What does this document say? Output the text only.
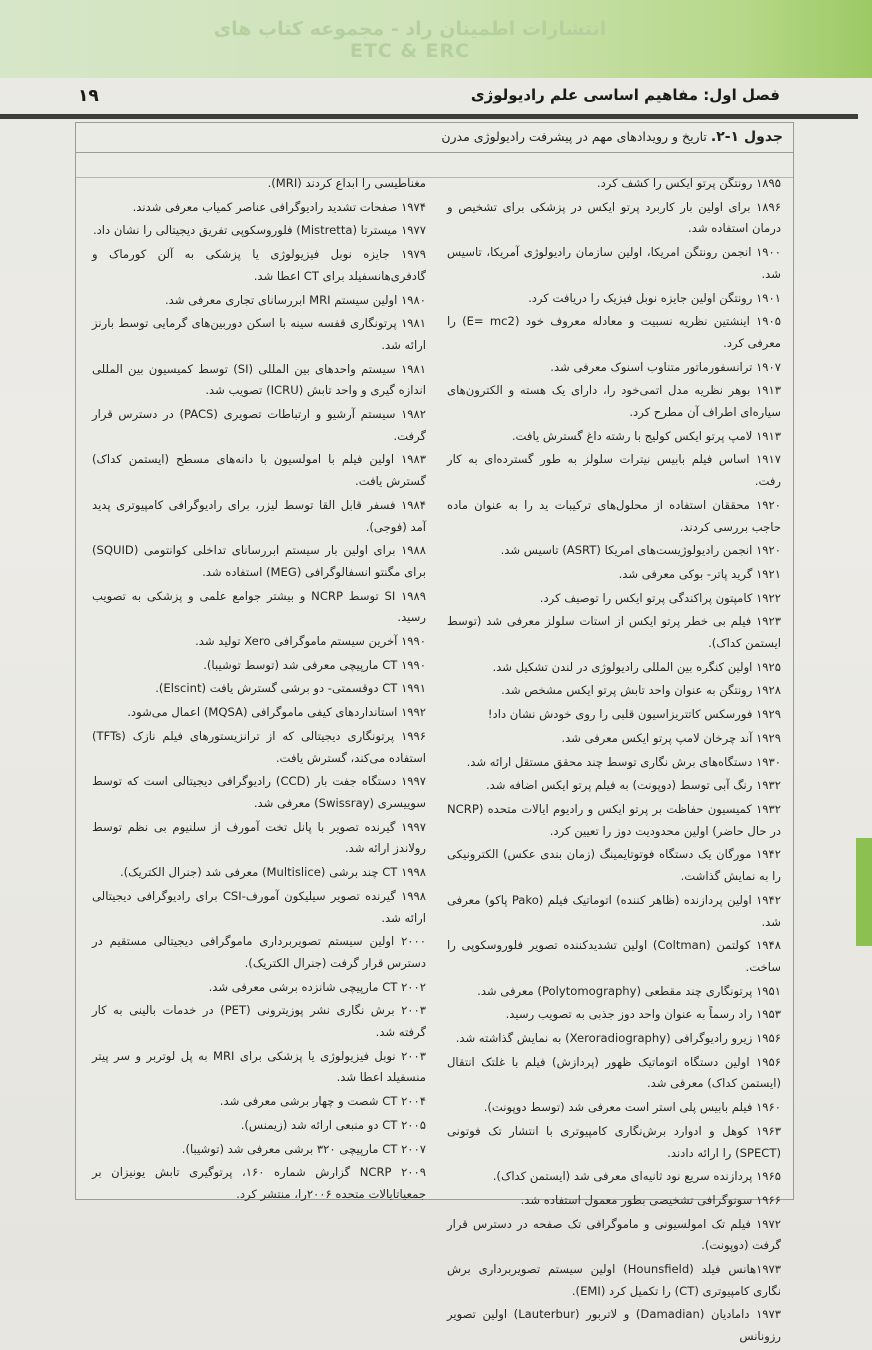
انتشارات اطمینان راد - مجموعه کتاب های ETC & ERC
۱۹	فصل اول: مفاهیم اساسی علم رادیولوژی
جدول ۱-۲. تاریخ و رویدادهای مهم در پیشرفت رادیولوژی مدرن
۱۸۹۵ رونتگن پرتو ایکس را کشف کرد.
۱۸۹۶ برای اولین بار کاربرد پرتو ایکس در پزشکی برای تشخیص و درمان استفاده شد.
۱۹۰۰ انجمن رونتگن امریکا، اولین سازمان رادیولوژی آمریکا، تاسیس شد.
۱۹۰۱ رونتگن اولین جایزه نوبل فیزیک را دریافت کرد.
۱۹۰۵ اینشتین نظریه نسبیت و معادله معروف خود (E= mc2) را معرفی کرد.
۱۹۰۷ ترانسفورماتور متناوب اسنوک معرفی شد.
۱۹۱۳ بوهر نظریه مدل اتمی‌خود را، دارای یک هسته و الکترون‌های سیاره‌ای اطراف آن مطرح کرد.
۱۹۱۳ لامپ پرتو ایکس کولیج با رشته داغ گسترش یافت.
۱۹۱۷ اساس فیلم بابیس نیترات سلولز به طور گسترده‌ای به کار رفت.
۱۹۲۰ محققان استفاده از محلول‌های ترکیبات ید را به عنوان ماده حاجب بررسی کردند.
۱۹۲۰ انجمن رادیولوژیست‌های امریکا (ASRT) تاسیس شد.
۱۹۲۱ گرید پاتر- بوکی معرفی شد.
۱۹۲۲ کامپتون پراکندگی پرتو ایکس را توصیف کرد.
۱۹۲۳ فیلم بی خطر پرتو ایکس از استات سلولز معرفی شد (توسط ایستمن کداک).
۱۹۲۵ اولین کنگره بین المللی رادیولوژی در لندن تشکیل شد.
۱۹۲۸ رونتگن به عنوان واحد تابش پرتو ایکس مشخص شد.
۱۹۲۹ فورسکس کاتتریزاسیون قلبی را روی خودش نشان داد!
۱۹۲۹ آند چرخان لامپ پرتو ایکس معرفی شد.
۱۹۳۰ دستگاه‌های برش نگاری توسط چند محقق مستقل ارائه شد.
۱۹۳۲ رنگ آبی توسط (دوپونت) به فیلم پرتو ایکس اضافه شد.
۱۹۳۲ کمیسیون حفاظت بر پرتو ایکس و رادیوم ایالات متحده (NCRP در حال حاضر) اولین محدودیت دوز را تعیین کرد.
۱۹۴۲ مورگان یک دستگاه فوتوتایمینگ (زمان بندی عکس) الکترونیکی را به نمایش گذاشت.
۱۹۴۲ اولین پردازنده (ظاهر کننده) اتوماتیک فیلم (Pako پاکو) معرفی شد.
۱۹۴۸ کولتمن (Coltman) اولین تشدیدکننده تصویر فلوروسکوپی را ساخت.
۱۹۵۱ پرتونگاری چند مقطعی (Polytomography) معرفی شد.
۱۹۵۳ راد رسماً به عنوان واحد دوز جذبی به تصویب رسید.
۱۹۵۶ زیرو رادیوگرافی (Xeroradiography) به نمایش گذاشته شد.
۱۹۵۶ اولین دستگاه اتوماتیک ظهور (پردازش) فیلم با غلتک انتقال (ایستمن کداک) معرفی شد.
۱۹۶۰ فیلم بابیس پلی استر است معرفی شد (توسط دوپونت).
۱۹۶۳ کوهل و ادوارد برش‌نگاری کامپیوتری با انتشار تک فوتونی (SPECT) را ارائه دادند.
۱۹۶۵ پردازنده سریع نود ثانیه‌ای معرفی شد (ایستمن کداک).
۱۹۶۶ سونوگرافی تشخیصی بطور معمول استفاده شد.
۱۹۷۲ فیلم تک امولسیونی و ماموگرافی تک صفحه در دسترس قرار گرفت (دوپونت).
۱۹۷۳هانس فیلد (Hounsfield) اولین سیستم تصویربرداری برش نگاری کامپیوتری (CT) را تکمیل کرد (EMI).
۱۹۷۳ دامادیان (Damadian) و لاتربور (Lauterbur) اولین تصویر رزونانس
مغناطیسی را ابداع کردند (MRI).
۱۹۷۴ صفحات تشدید رادیوگرافی عناصر کمیاب معرفی شدند.
۱۹۷۷ میسترتا (Mistretta) فلوروسکوپی تفریق دیجیتالی را نشان داد.
۱۹۷۹ جایزه نوبل فیزیولوژی یا پزشکی به آلن کورماک و گادفری‌هانسفیلد برای CT اعطا شد.
۱۹۸۰ اولین سیستم MRI ابررسانای تجاری معرفی شد.
۱۹۸۱ پرتونگاری قفسه سینه با اسکن دوربین‌های گرمایی توسط بارنز ارائه شد.
۱۹۸۱ سیستم واحدهای بین المللی (SI) توسط کمیسیون بین المللی اندازه گیری و واحد تابش (ICRU) تصویب شد.
۱۹۸۲ سیستم آرشیو و ارتباطات تصویری (PACS) در دسترس قرار گرفت.
۱۹۸۳ اولین فیلم با امولسیون با دانه‌های مسطح (ایستمن کداک) گسترش یافت.
۱۹۸۴ فسفر قابل القا توسط لیزر، برای رادیوگرافی کامپیوتری پدید آمد (فوجی).
۱۹۸۸ برای اولین بار سیستم ابررسانای تداخلی کوانتومی (SQUID) برای مگنتو انسفالوگرافی (MEG) استفاده شد.
۱۹۸۹ SI توسط NCRP و بیشتر جوامع علمی و پزشکی به تصویب رسید.
۱۹۹۰ آخرین سیستم ماموگرافی Xero تولید شد.
۱۹۹۰ CT مارپیچی معرفی شد (توسط توشیبا).
۱۹۹۱ CT دوقسمتی- دو برشی گسترش یافت (Elscint).
۱۹۹۲ استانداردهای کیفی ماموگرافی (MQSA) اعمال می‌شود.
۱۹۹۶ پرتونگاری دیجیتالی که از ترانزیستورهای فیلم نازک (TFTs) استفاده می‌کند، گسترش یافت.
۱۹۹۷ دستگاه جفت بار (CCD) رادیوگرافی دیجیتالی است که توسط سوییسری (Swissray) معرفی شد.
۱۹۹۷ گیرنده تصویر با پانل تخت آمورف از سلنیوم بی نظم توسط رولاندز ارائه شد.
۱۹۹۸ CT چند برشی (Multislice) معرفی شد (جنرال الکتریک).
۱۹۹۸ گیرنده تصویر سیلیکون آمورف-CSI برای رادیوگرافی دیجیتالی ارائه شد.
۲۰۰۰ اولین سیستم تصویربرداری ماموگرافی دیجیتالی مستقیم در دسترس قرار گرفت (جنرال الکتریک).
۲۰۰۲ CT مارپیچی شانزده برشی معرفی شد.
۲۰۰۳ برش نگاری نشر پوزیترونی (PET) در خدمات بالینی به کار گرفته شد.
۲۰۰۳ نوبل فیزیولوژی یا پزشکی برای MRI به پل لوتربر و سر پیتر منسفیلد اعطا شد.
۲۰۰۴ CT شصت و چهار برشی معرفی شد.
۲۰۰۵ CT دو منبعی ارائه شد (زیمنس).
۲۰۰۷ CT مارپیچی ۳۲۰ برشی معرفی شد (توشیبا).
۲۰۰۹ NCRP گزارش شماره ۱۶۰، پرتوگیری تابش یونیزان بر جمعیاتایالات متحده ۲۰۰۶را، منتشر کرد.
